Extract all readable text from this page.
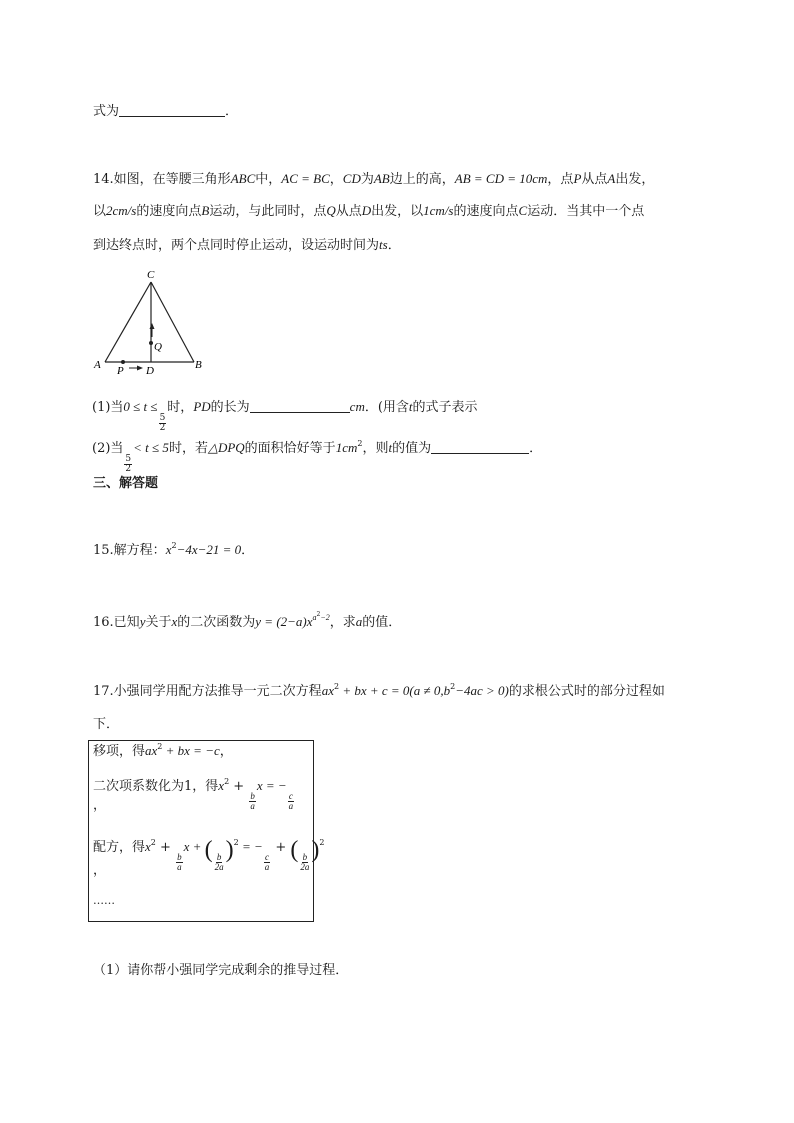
式为	．
14.如图，在等腰三角形ABC中，AC = BC，CD为AB边上的高，AB = CD = 10cm，点P从点A出发，
以2cm/s的速度向点B运动，与此同时，点Q从点D出发，以1cm/s的速度向点C运动．当其中一个点
到达终点时，两个点同时停止运动，设运动时间为ts．
C
A	B
Q
P D
(1)当0 ≤ t ≤
$\frac{5}{2}$
时，PD的长为	cm．(用含t的式子表示
(2)当
$\frac{5}{2}$
< t ≤ 5时，若△DPQ的面积恰好等于$1cm^2$，则t的值为	．
三、解答题
15.解方程：$x^2-4x-21 = 0$．
16.已知y关于x的二次函数为$y = (2-a)x^{a^2-2}$，求a的值．
17.小强同学用配方法推导一元二次方程$ax^2$ + bx + $c = 0(a \ne 0,b^2-4ac > 0)$的求根公式时的部分过程如
下．
移项，得$ax^2$ + bx = −c，
二次项系数化为1，得$x^2$ +
$\frac{b}{a}$
x = −
$\frac{c}{a}$
，
配方，得$x^2$ +
$\frac{b}{a}$
x + ( $\frac{b}{2a} )^2$ = −
$\frac{c}{a}$
+ ( $\frac{b}{2a} )^2$
，
……
（1）请你帮小强同学完成剩余的推导过程．
